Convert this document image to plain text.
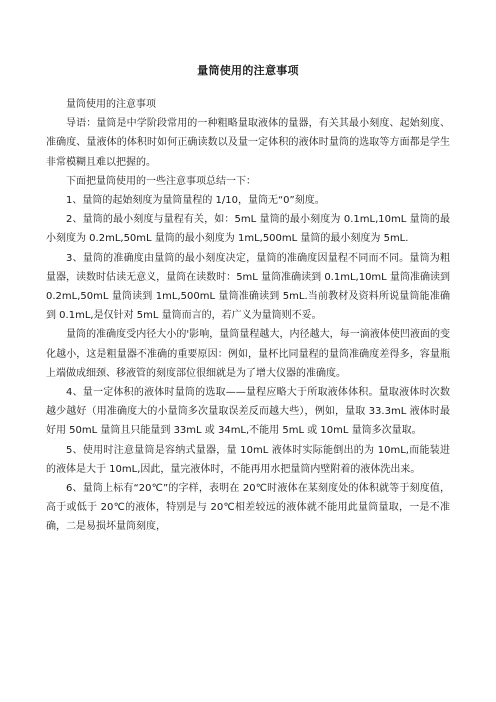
量筒使用的注意事项

量筒使用的注意事项

导语：量筒是中学阶段常用的一种粗略量取液体的量器，有关其最小刻度、起始刻度、准确度、量液体的体积时如何正确读数以及量一定体积的液体时量筒的选取等方面都是学生非常模糊且难以把握的。

下面把量筒使用的一些注意事项总结一下：

1、量筒的起始刻度为量筒量程的 1/10，量筒无“0”刻度。

2、量筒的最小刻度与量程有关，如：5mL 量筒的最小刻度为 0.1mL,10mL 量筒的最小刻度为 0.2mL,50mL 量筒的最小刻度为 1mL,500mL 量筒的最小刻度为 5mL.

3、量筒的准确度由量筒的最小刻度决定，量筒的准确度因量程不同而不同。量筒为粗量器，读数时估读无意义，量筒在读数时：5mL 量筒准确读到 0.1mL,10mL 量筒准确读到 0.2mL,50mL 量筒读到 1mL,500mL 量筒准确读到 5mL.当前教材及资料所说量筒能准确到 0.1mL,是仅针对 5mL 量筒而言的，若广义为量筒则不妥。

量筒的准确度受内径大小的'影响，量筒量程越大，内径越大，每一滴液体使凹液面的变化越小，这是粗量器不准确的重要原因：例如，量杯比同量程的量筒准确度差得多，容量瓶上端做成细颈、移液管的刻度部位很细就是为了增大仪器的准确度。

4、量一定体积的液体时量筒的选取——量程应略大于所取液体体积。量取液体时次数越少越好（用准确度大的小量筒多次量取误差反而越大些），例如，量取 33.3mL 液体时最好用 50mL 量筒且只能量到 33mL 或 34mL,不能用 5mL 或 10mL 量筒多次量取。

5、使用时注意量筒是容纳式量器，量 10mL 液体时实际能倒出的为 10mL,而能装进的液体是大于 10mL,因此，量完液体时，不能再用水把量筒内壁附着的液体洗出来。

6、量筒上标有“20℃”的字样，表明在 20℃时液体在某刻度处的体积就等于刻度值，高于或低于 20℃的液体，特别是与 20℃相差较远的液体就不能用此量筒量取，一是不准确，二是易损坏量筒刻度，
